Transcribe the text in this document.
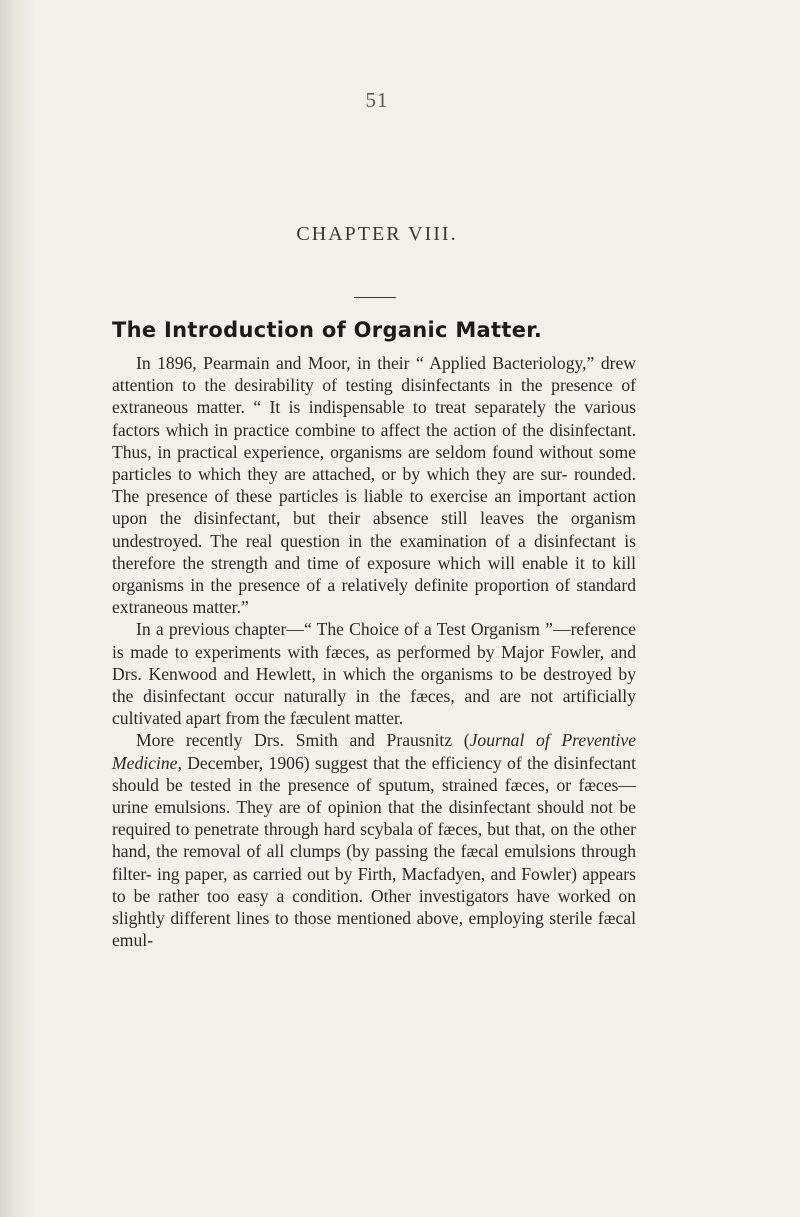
51
CHAPTER VIII.
The Introduction of Organic Matter.

In 1896, Pearmain and Moor, in their “ Applied Bacteriology,” drew attention to the desirability of testing disinfectants in the presence of extraneous matter. “ It is indispensable to treat separately the various factors which in practice combine to affect the action of the disinfectant. Thus, in practical experience, organisms are seldom found without some particles to which they are attached, or by which they are sur- rounded. The presence of these particles is liable to exercise an important action upon the disinfectant, but their absence still leaves the organism undestroyed. The real question in the examination of a disinfectant is therefore the strength and time of exposure which will enable it to kill organisms in the presence of a relatively definite proportion of standard extraneous matter.”

In a previous chapter—“ The Choice of a Test Organism ”—reference is made to experiments with fæces, as performed by Major Fowler, and Drs. Kenwood and Hewlett, in which the organisms to be destroyed by the disinfectant occur naturally in the fæces, and are not artificially cultivated apart from the fæculent matter.

More recently Drs. Smith and Prausnitz (Journal of Preventive Medicine, December, 1906) suggest that the efficiency of the disinfectant should be tested in the presence of sputum, strained fæces, or fæces—urine emulsions. They are of opinion that the disinfectant should not be required to penetrate through hard scybala of fæces, but that, on the other hand, the removal of all clumps (by passing the fæcal emulsions through filter- ing paper, as carried out by Firth, Macfadyen, and Fowler) appears to be rather too easy a condition. Other investigators have worked on slightly different lines to those mentioned above, employing sterile fæcal emul-
